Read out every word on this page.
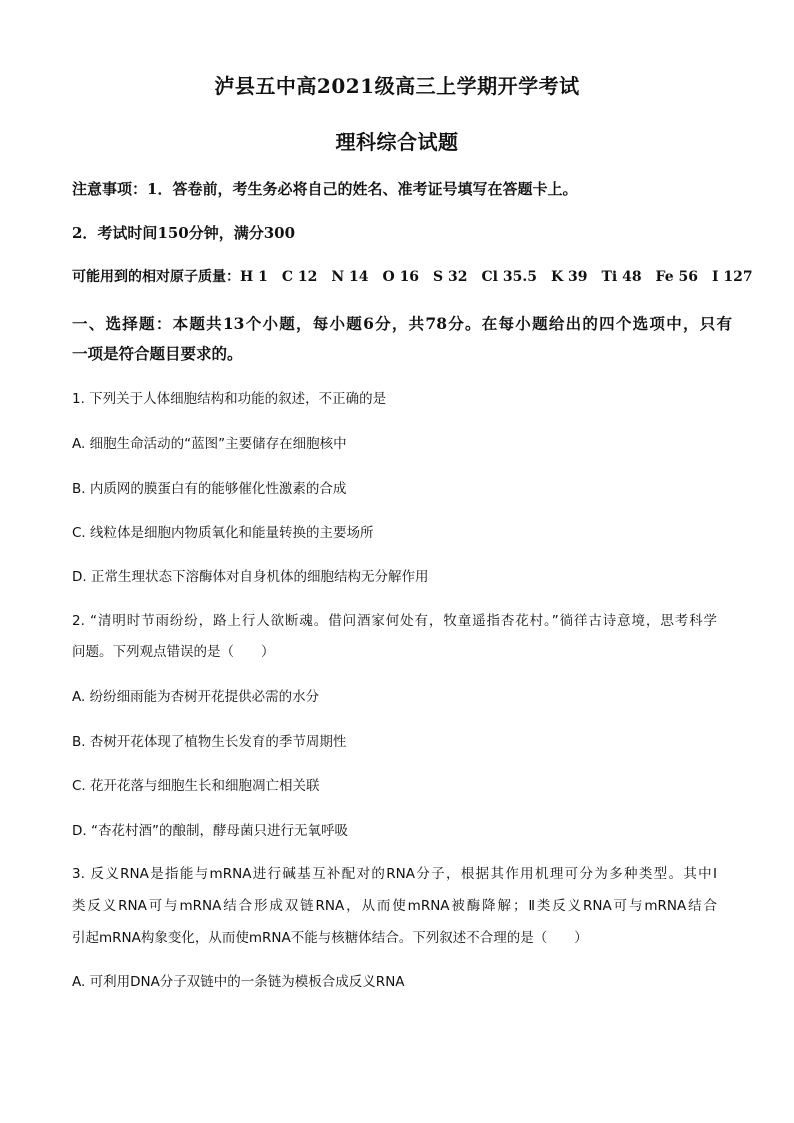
泸县五中高2021级高三上学期开学考试
理科综合试题
注意事项：1．答卷前，考生务必将自己的姓名、准考证号填写在答题卡上。
2．考试时间150分钟，满分300
可能用到的相对原子质量：H 1　C 12　N 14　O 16　S 32　Cl 35.5　K 39　Ti 48　Fe 56　I 127
一、选择题：本题共13个小题，每小题6分，共78分。在每小题给出的四个选项中，只有
一项是符合题目要求的。
1. 下列关于人体细胞结构和功能的叙述，不正确的是
A. 细胞生命活动的“蓝图”主要储存在细胞核中
B. 内质网的膜蛋白有的能够催化性激素的合成
C. 线粒体是细胞内物质氧化和能量转换的主要场所
D. 正常生理状态下溶酶体对自身机体的细胞结构无分解作用
2. “清明时节雨纷纷，路上行人欲断魂。借问酒家何处有，牧童遥指杏花村。”徜徉古诗意境，思考科学
问题。下列观点错误的是（　　）
A. 纷纷细雨能为杏树开花提供必需的水分
B. 杏树开花体现了植物生长发育的季节周期性
C. 花开花落与细胞生长和细胞凋亡相关联
D. “杏花村酒”的酿制，酵母菌只进行无氧呼吸
3. 反义RNA是指能与mRNA进行碱基互补配对的RNA分子，根据其作用机理可分为多种类型。其中Ⅰ
类反义RNA可与mRNA结合形成双链RNA，从而使mRNA被酶降解；Ⅱ类反义RNA可与mRNA结合
引起mRNA构象变化，从而使mRNA不能与核糖体结合。下列叙述不合理的是（　　）
A. 可利用DNA分子双链中的一条链为模板合成反义RNA
